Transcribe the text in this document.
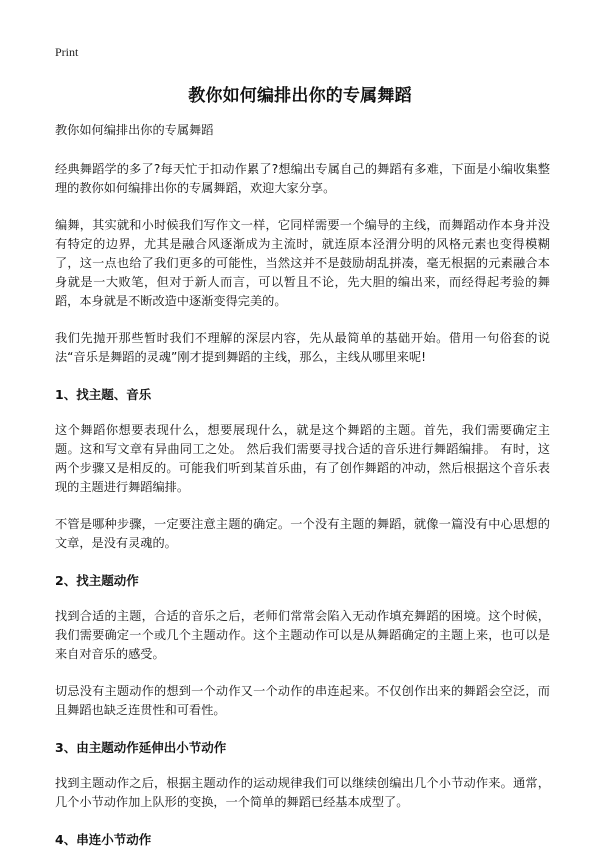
Print
教你如何编排出你的专属舞蹈

教你如何编排出你的专属舞蹈

经典舞蹈学的多了?每天忙于扣动作累了?想编出专属自己的舞蹈有多难，下面是小编收集整理的教你如何编排出你的专属舞蹈，欢迎大家分享。

编舞，其实就和小时候我们写作文一样，它同样需要一个编导的主线，而舞蹈动作本身并没有特定的边界，尤其是融合风逐渐成为主流时，就连原本泾渭分明的风格元素也变得模糊了，这一点也给了我们更多的可能性，当然这并不是鼓励胡乱拼凑，毫无根据的元素融合本身就是一大败笔，但对于新人而言，可以暂且不论，先大胆的编出来，而经得起考验的舞蹈，本身就是不断改造中逐渐变得完美的。

我们先抛开那些暂时我们不理解的深层内容，先从最简单的基础开始。借用一句俗套的说法“音乐是舞蹈的灵魂”刚才提到舞蹈的主线，那么，主线从哪里来呢!

1、找主题、音乐

这个舞蹈你想要表现什么，想要展现什么，就是这个舞蹈的主题。首先，我们需要确定主题。这和写文章有异曲同工之处。 然后我们需要寻找合适的音乐进行舞蹈编排。 有时，这两个步骤又是相反的。可能我们听到某首乐曲，有了创作舞蹈的冲动，然后根据这个音乐表现的主题进行舞蹈编排。

不管是哪种步骤，一定要注意主题的确定。一个没有主题的舞蹈，就像一篇没有中心思想的文章，是没有灵魂的。

2、找主题动作

找到合适的主题，合适的音乐之后，老师们常常会陷入无动作填充舞蹈的困境。这个时候，我们需要确定一个或几个主题动作。这个主题动作可以是从舞蹈确定的主题上来，也可以是来自对音乐的感受。

切忌没有主题动作的想到一个动作又一个动作的串连起来。不仅创作出来的舞蹈会空泛，而且舞蹈也缺乏连贯性和可看性。

3、由主题动作延伸出小节动作

找到主题动作之后，根据主题动作的运动规律我们可以继续创编出几个小节动作来。通常，几个小节动作加上队形的变换，一个简单的舞蹈已经基本成型了。

4、串连小节动作
